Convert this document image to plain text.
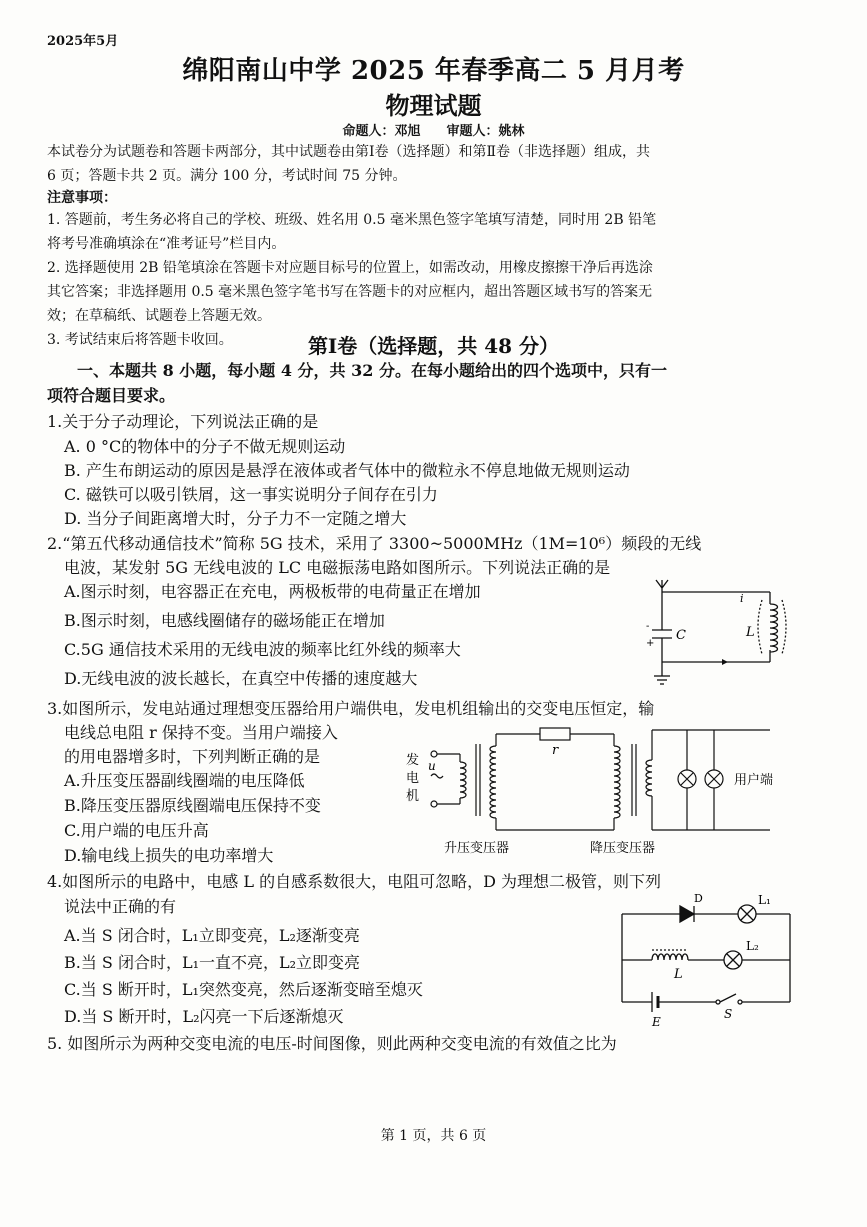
2025年5月
绵阳南山中学 2025 年春季高二 5 月月考
物理试题
命题人：邓旭　　审题人：姚林
本试卷分为试题卷和答题卡两部分，其中试题卷由第Ⅰ卷（选择题）和第Ⅱ卷（非选择题）组成，共
6 页；答题卡共 2 页。满分 100 分，考试时间 75 分钟。
注意事项：
1. 答题前，考生务必将自己的学校、班级、姓名用 0.5 毫米黑色签字笔填写清楚，同时用 2B 铅笔
将考号准确填涂在“准考证号”栏目内。
2. 选择题使用 2B 铅笔填涂在答题卡对应题目标号的位置上，如需改动，用橡皮擦擦干净后再选涂
其它答案；非选择题用 0.5 毫米黑色签字笔书写在答题卡的对应框内，超出答题区域书写的答案无
效；在草稿纸、试题卷上答题无效。
3. 考试结束后将答题卡收回。	第Ⅰ卷（选择题，共 48 分）
一、本题共 8 小题，每小题 4 分，共 32 分。在每小题给出的四个选项中，只有一
项符合题目要求。
1.关于分子动理论，下列说法正确的是
A. 0 °C的物体中的分子不做无规则运动
B. 产生布朗运动的原因是悬浮在液体或者气体中的微粒永不停息地做无规则运动
C. 磁铁可以吸引铁屑，这一事实说明分子间存在引力
D. 当分子间距离增大时，分子力不一定随之增大
2.“第五代移动通信技术”简称 5G 技术，采用了 3300~5000MHz（1M=10⁶）频段的无线
电波，某发射 5G 无线电波的 LC 电磁振荡电路如图所示。下列说法正确的是
A.图示时刻，电容器正在充电，两极板带的电荷量正在增加
B.图示时刻，电感线圈储存的磁场能正在增加
C.5G 通信技术采用的无线电波的频率比红外线的频率大
D.无线电波的波长越长，在真空中传播的速度越大
i
C	L
-
+
3.如图所示，发电站通过理想变压器给用户端供电，发电机组输出的交变电压恒定，输
电线总电阻 r 保持不变。当用户端接入
的用电器增多时，下列判断正确的是
A.升压变压器副线圈端的电压降低
B.降压变压器原线圈端电压保持不变
C.用户端的电压升高
D.输电线上损失的电功率增大
发
电
机
u
r
用户端
升压变压器	降压变压器
4.如图所示的电路中，电感 L 的自感系数很大，电阻可忽略，D 为理想二极管，则下列
说法中正确的有
A.当 S 闭合时，L₁立即变亮，L₂逐渐变亮
B.当 S 闭合时，L₁一直不亮，L₂立即变亮
C.当 S 断开时，L₁突然变亮，然后逐渐变暗至熄灭
D.当 S 断开时，L₂闪亮一下后逐渐熄灭
D	L₁
L₂
L
S
E
5. 如图所示为两种交变电流的电压-时间图像，则此两种交变电流的有效值之比为
第 1 页，共 6 页
